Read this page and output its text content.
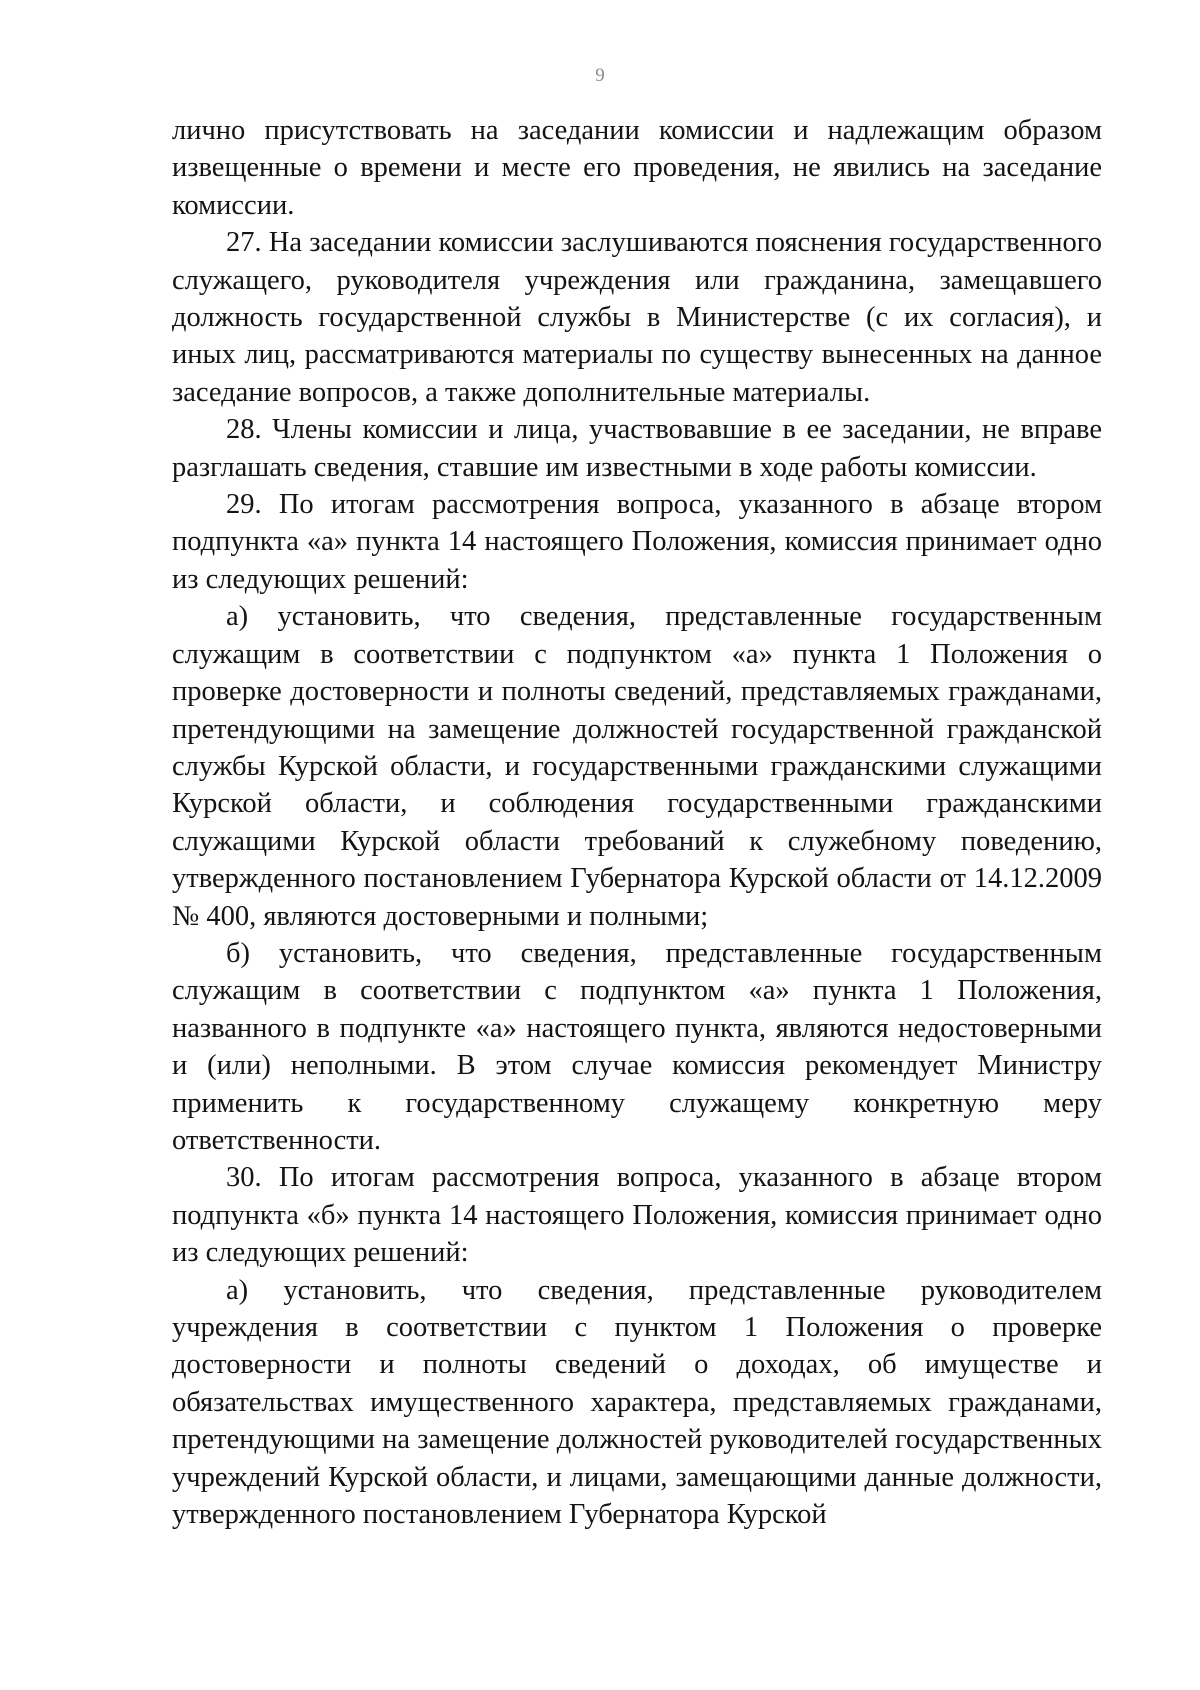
9

лично присутствовать на заседании комиссии и надлежащим образом извещенные о времени и месте его проведения, не явились на заседание комиссии.

27. На заседании комиссии заслушиваются пояснения государственного служащего, руководителя учреждения или гражданина, замещавшего должность государственной службы в Министерстве (с их согласия), и иных лиц, рассматриваются материалы по существу вынесенных на данное заседание вопросов, а также дополнительные материалы.

28. Члены комиссии и лица, участвовавшие в ее заседании, не вправе разглашать сведения, ставшие им известными в ходе работы комиссии.

29. По итогам рассмотрения вопроса, указанного в абзаце втором подпункта «а» пункта 14 настоящего Положения, комиссия принимает одно из следующих решений:

а) установить, что сведения, представленные государственным служащим в соответствии с подпунктом «а» пункта 1 Положения о проверке достоверности и полноты сведений, представляемых гражданами, претендующими на замещение должностей государственной гражданской службы Курской области, и государственными гражданскими служащими Курской области, и соблюдения государственными гражданскими служащими Курской области требований к служебному поведению, утвержденного постановлением Губернатора Курской области от 14.12.2009 № 400, являются достоверными и полными;

б) установить, что сведения, представленные государственным служащим в соответствии с подпунктом «а» пункта 1 Положения, названного в подпункте «а» настоящего пункта, являются недостоверными и (или) неполными. В этом случае комиссия рекомендует Министру применить к государственному служащему конкретную меру ответственности.

30. По итогам рассмотрения вопроса, указанного в абзаце втором подпункта «б» пункта 14 настоящего Положения, комиссия принимает одно из следующих решений:

а) установить, что сведения, представленные руководителем учреждения в соответствии с пунктом 1 Положения о проверке достоверности и полноты сведений о доходах, об имуществе и обязательствах имущественного характера, представляемых гражданами, претендующими на замещение должностей руководителей государственных учреждений Курской области, и лицами, замещающими данные должности, утвержденного постановлением Губернатора Курской
